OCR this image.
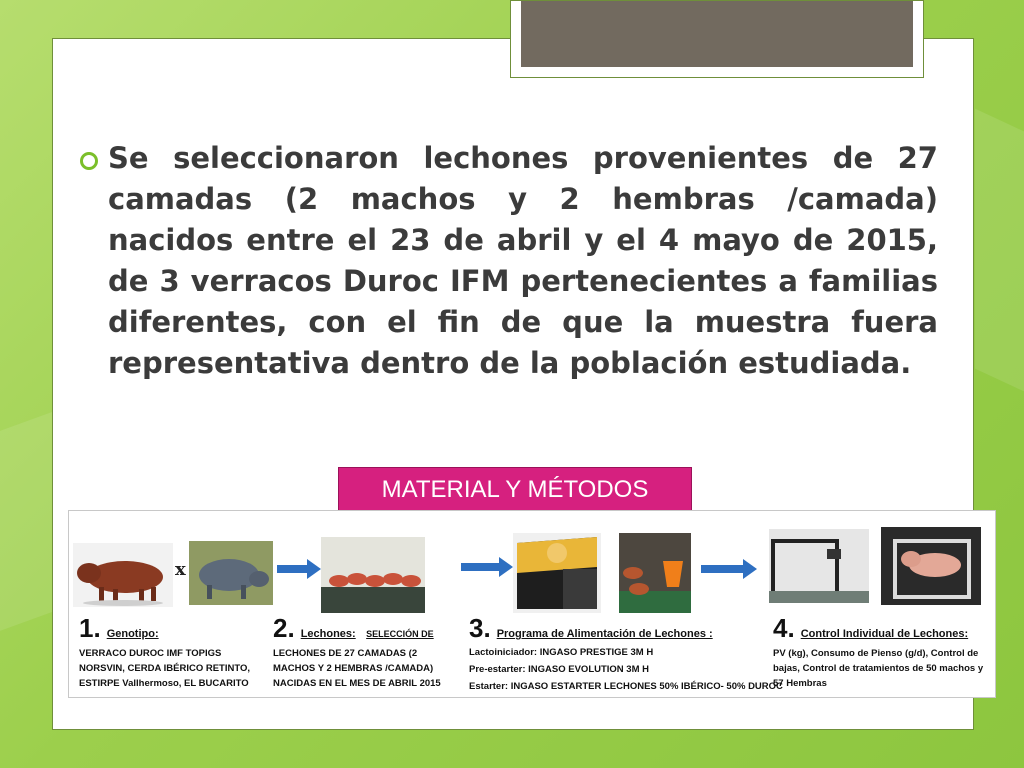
Se seleccionaron lechones provenientes de 27 camadas (2 machos y 2 hembras /camada) nacidos entre el 23 de abril y el 4 mayo de 2015, de 3 verracos Duroc IFM pertenecientes a familias diferentes, con el fin de que la muestra fuera representativa dentro de la población estudiada.
MATERIAL Y MÉTODOS
x
1. Genotipo:
VERRACO DUROC IMF TOPIGS NORSVIN, CERDA IBÉRICO RETINTO, ESTIRPE Vallhermoso, EL BUCARITO
2. Lechones: SELECCIÓN DE
LECHONES DE 27 CAMADAS (2 MACHOS Y 2 HEMBRAS /CAMADA) NACIDAS EN EL MES DE ABRIL 2015
3. Programa de Alimentación de Lechones :
Lactoiniciador: INGASO PRESTIGE 3M H
Pre-estarter: INGASO EVOLUTION 3M H
Estarter: INGASO ESTARTER LECHONES 50% IBÉRICO- 50% DUROC
4. Control Individual de Lechones:
PV (kg), Consumo de Pienso (g/d), Control de bajas, Control de tratamientos de 50 machos y 57 Hembras
